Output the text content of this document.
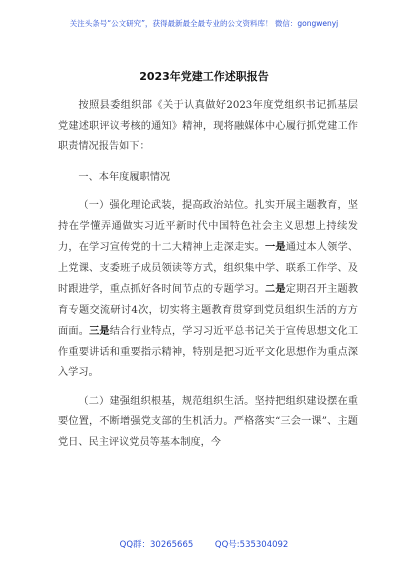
关注头条号“公文研究”，获得最新最全最专业的公文资料库！ 微信：gongwenyj
2023年党建工作述职报告

按照县委组织部《关于认真做好2023年度党组织书记抓基层党建述职评议考核的通知》精神，现将融媒体中心履行抓党建工作职责情况报告如下：

一、本年度履职情况

（一）强化理论武装，提高政治站位。扎实开展主题教育，坚持在学懂弄通做实习近平新时代中国特色社会主义思想上持续发力，在学习宣传党的十二大精神上走深走实。一是通过本人领学、上党课、支委班子成员领读等方式，组织集中学、联系工作学、及时跟进学，重点抓好各时间节点的专题学习。二是定期召开主题教育专题交流研讨4次，切实将主题教育贯穿到党员组织生活的方方面面。三是结合行业特点，学习习近平总书记关于宣传思想文化工作重要讲话和重要指示精神，特别是把习近平文化思想作为重点深入学习。

（二）建强组织根基，规范组织生活。坚持把组织建设摆在重要位置，不断增强党支部的生机活力。严格落实“三会一课”、主题党日、民主评议党员等基本制度，今

QQ群：30265665	QQ号:535304092
